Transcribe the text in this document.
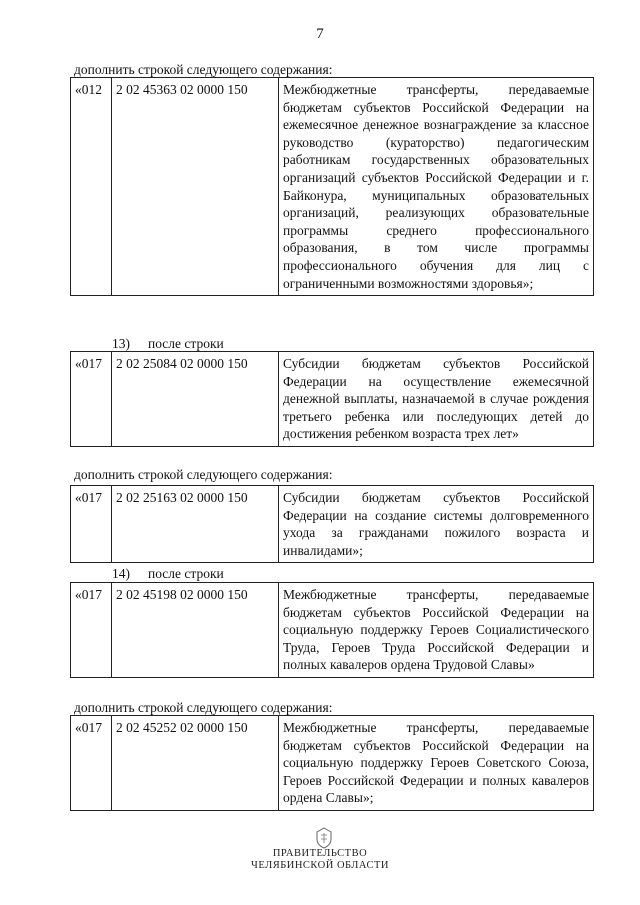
7
дополнить строкой следующего содержания:
«012	2 02 45363 02 0000 150	Межбюджетные трансферты, передаваемые бюджетам субъектов Российской Федерации на ежемесячное денежное вознаграждение за классное руководство (кураторство) педагогическим работникам государственных образовательных организаций субъектов Российской Федерации и г. Байконура, муниципальных образовательных организаций, реализующих образовательные программы среднего профессионального образования, в том числе программы профессионального обучения для лиц с ограниченными возможностями здоровья»;
13) после строки
«017	2 02 25084 02 0000 150	Субсидии бюджетам субъектов Российской Федерации на осуществление ежемесячной денежной выплаты, назначаемой в случае рождения третьего ребенка или последующих детей до достижения ребенком возраста трех лет»
дополнить строкой следующего содержания:
«017	2 02 25163 02 0000 150	Субсидии бюджетам субъектов Российской Федерации на создание системы долговременного ухода за гражданами пожилого возраста и инвалидами»;
14) после строки
«017	2 02 45198 02 0000 150	Межбюджетные трансферты, передаваемые бюджетам субъектов Российской Федерации на социальную поддержку Героев Социалистического Труда, Героев Труда Российской Федерации и полных кавалеров ордена Трудовой Славы»
дополнить строкой следующего содержания:
«017	2 02 45252 02 0000 150	Межбюджетные трансферты, передаваемые бюджетам субъектов Российской Федерации на социальную поддержку Героев Советского Союза, Героев Российской Федерации и полных кавалеров ордена Славы»;
ПРАВИТЕЛЬСТВО
ЧЕЛЯБИНСКОЙ ОБЛАСТИ
